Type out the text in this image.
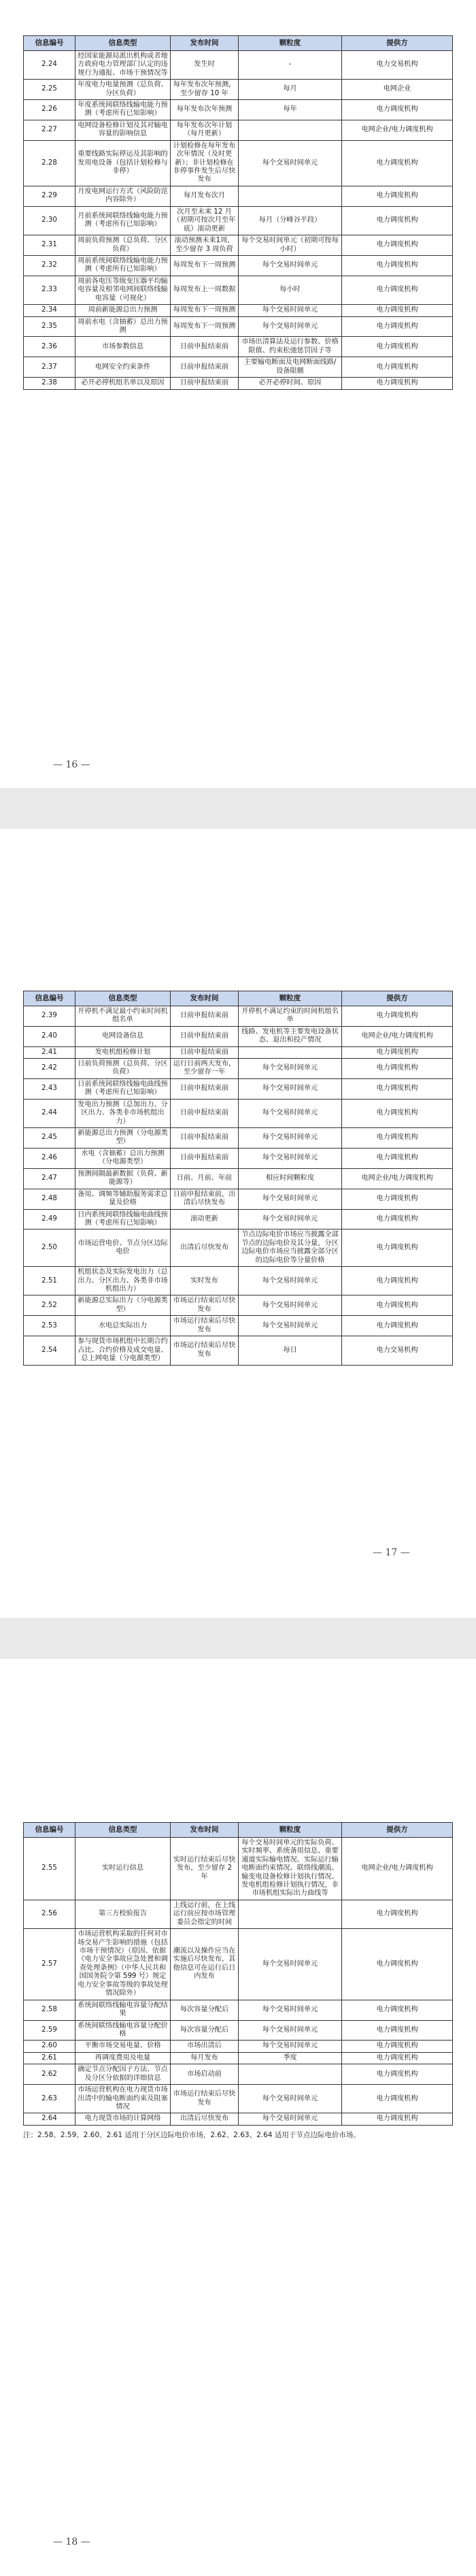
信息编号	信息类型	发布时间	颗粒度	提供方
2.24	经国家能源局派出机构或者地方政府电力管理部门认定的违规行为通报、市场干预情况等	发生时	-	电力交易机构
2.25	年度电力电量预测（总负荷、分区负荷）	每年发布次年预测，至少留存 10 年	每月	电网企业
2.26	年度系统间联络线输电能力预测（考虑所有已知影响）	每年发布次年预测	每年	电力调度机构
2.27	电网设备检修计划及其对输电容量的影响信息	每年发布次年计划（每月更新）		电网企业/电力调度机构
2.28	重要线路实际停运及其影响的发用电设备（包括计划检修与非停）	计划检修在每年发布次年情况（及时更新）；非计划检修在非停事件发生后尽快发布	每个交易时间单元	电力调度机构
2.29	月度电网运行方式（风险防范内容除外）	每月发布次月		电力调度机构
2.30	月前系统间联络线输电能力预测（考虑所有已知影响）	次月至未来 12 月（初期可按次月至年底）滚动更新	每月（分峰谷平段）	电力调度机构
2.31	周前负荷预测（总负荷、分区负荷）	滚动预测未来1周，至少留存 3 周负荷	每个交易时间单元（初期可按每小时）	电力调度机构
2.32	周前系统间联络线输电能力预测（考虑所有已知影响）	每周发布下一周预测	每个交易时间单元	电力调度机构
2.33	周前各电压等级变压器平均输电容量及相邻电网间联络线输电容量（可视化）	每周发布上一周数据	每小时	电力调度机构
2.34	周前新能源总出力预测	每周发布下一周预测	每个交易时间单元	电力调度机构
2.35	周前水电（含抽蓄）总出力预测	每周发布下一周预测	每个交易时间单元	电力调度机构
2.36	市场参数信息	日前申报结束前	市场出清算法及运行参数、价格限值、约束松弛惩罚因子等	电力调度机构
2.37	电网安全约束条件	日前申报结束前	主要输电断面及电网断面线路/设备限额	电力调度机构
2.38	必开必停机组名单以及原因	日前申报结束前	必开必停时间、原因	电力调度机构
— 16 —
信息编号	信息类型	发布时间	颗粒度	提供方
2.39	开停机不满足最小约束时间机组名单	日前申报结束前	开停机不满足约束的时间机组名单	电力调度机构
2.40	电网设备信息	日前申报结束前	线路、发电机等主要发电设备状态、退出和投产情况	电网企业/电力调度机构
2.41	发电机组检修计划	日前申报结束前		电力调度机构
2.42	日前负荷预测（总负荷、分区负荷）	运行日前两天发布，至少留存一年	每个交易时间单元	电力调度机构
2.43	日前系统间联络线输电曲线预测（考虑所有已知影响）	日前申报结束前	每个交易时间单元	电力调度机构
2.44	发电出力预测（总加出力、分区出力、各类非市场机组出力）	日前申报结束前	每个交易时间单元	电力调度机构
2.45	新能源总出力预测（分电源类型）	日前申报结束前	每个交易时间单元	电力调度机构
2.46	水电（含抽蓄）总出力预测（分电源类型）	日前申报结束前	每个交易时间单元	电力调度机构
2.47	预测间隔最新数据（负荷、新能源等）	日前、月前、年前	相应时间颗粒度	电网企业/电力调度机构
2.48	备用、调频等辅助服务需求总量及价格	日前申报结束前，出清后尽快发布	每个交易时间单元	电力调度机构
2.49	日内系统间联络线输电曲线预测（考虑所有已知影响）	滚动更新	每个交易时间单元	电力调度机构
2.50	市场运营电价、节点分区边际电价	出清后尽快发布	节点边际电价市场应当披露全部节点的边际电价及其分量，分区边际电价市场应当披露全部分区的边际电价等分量价格	电力调度机构
2.51	机组状态及实际发电出力（总出力、分区出力、各类非市场机组出力）	实时发布	每个交易时间单元	电力调度机构
2.52	新能源总实际出力（分电源类型）	市场运行结束后尽快发布	每个交易时间单元	电力调度机构
2.53	水电总实际出力	市场运行结束后尽快发布	每个交易时间单元	电力调度机构
2.54	参与现货市场机组中长期合约占比、合约价格及成交电量、总上网电量（分电源类型）	市场运行结束后尽快发布	每日	电力交易机构
— 17 —
信息编号	信息类型	发布时间	颗粒度	提供方
2.55	实时运行信息	实时运行结束后尽快发布，至少留存 2 年	每个交易时间单元的实际负荷、实时频率、系统备用信息、重要通道实际输电情况、实际运行输电断面约束情况、联络线潮流、输变电设备检修计划执行情况、发电机组检修计划执行情况，非市场机组实际出力曲线等	电网企业/电力调度机构
2.56	第三方校验报告	上线运行前，在上线运行前应按市场管理委员会指定的时间		电力调度机构
2.57	市场运营机构采取的任何对市场交易产生影响的措施（包括市场干预情况）（原因、依据《电力安全事故应急处置和调查处理条例》（中华人民共和国国务院令第 599 号）规定电力安全事故等级的事故处理情况除外）	潮流以及操作应当在实施后尽快发布，其他信息可在运行后日内发布	每个交易时间单元	电力调度机构
2.58	系统间联络线输电容量分配结果	每次容量分配后	每个交易时间单元	电力调度机构
2.59	系统间联络线输电容量分配价格	每次容量分配后	每个交易时间单元	电力调度机构
2.60	平衡市场交易电量、价格	市场出清后	每个交易时间单元	电力调度机构
2.61	再调度费用及电量	每月发布	季度	电力调度机构
2.62	确定节点分配因子方法、节点及分区分依据的详细信息	市场启动前		电力调度机构
2.63	市场运营机构在电力现货市场出清中的输电断面约束及阻塞情况	市场运行结束后尽快发布	每个交易时间单元	电力调度机构
2.64	电力现货市场的计算网络	出清后尽快发布	每个交易时间单元	电力调度机构
注：2.58、2.59、2.60、2.61 适用于分区边际电价市场，2.62、2.63、2.64 适用于节点边际电价市场。
— 18 —
